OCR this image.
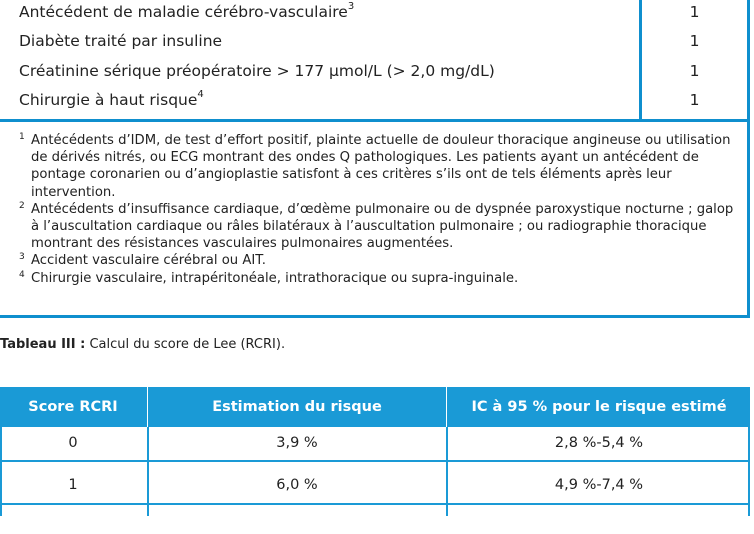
Antécédent de maladie cérébro-vasculaire$^3$	1
Diabète traité par insuline	1
Créatinine sérique préopératoire > 177 µmol/L (> 2,0 mg/dL)	1
Chirurgie à haut risque$^4$	1
1 Antécédents d’IDM, de test d’effort positif, plainte actuelle de douleur thoracique angineuse ou utilisation de dérivés nitrés, ou ECG montrant des ondes Q pathologiques. Les patients ayant un antécédent de pontage coronarien ou d’angioplastie satisfont à ces critères s’ils ont de tels éléments après leur intervention.
2 Antécédents d’insuffisance cardiaque, d’œdème pulmonaire ou de dyspnée paroxystique nocturne ; galop à l’auscultation cardiaque ou râles bilatéraux à l’auscultation pulmonaire ; ou radiographie thoracique montrant des résistances vasculaires pulmonaires augmentées.
3 Accident vasculaire cérébral ou AIT.
4 Chirurgie vasculaire, intrapéritonéale, intrathoracique ou supra-inguinale.
Tableau III : Calcul du score de Lee (RCRI).
Score RCRI	Estimation du risque	IC à 95 % pour le risque estimé
0	3,9 %	2,8 %-5,4 %
1	6,0 %	4,9 %-7,4 %
